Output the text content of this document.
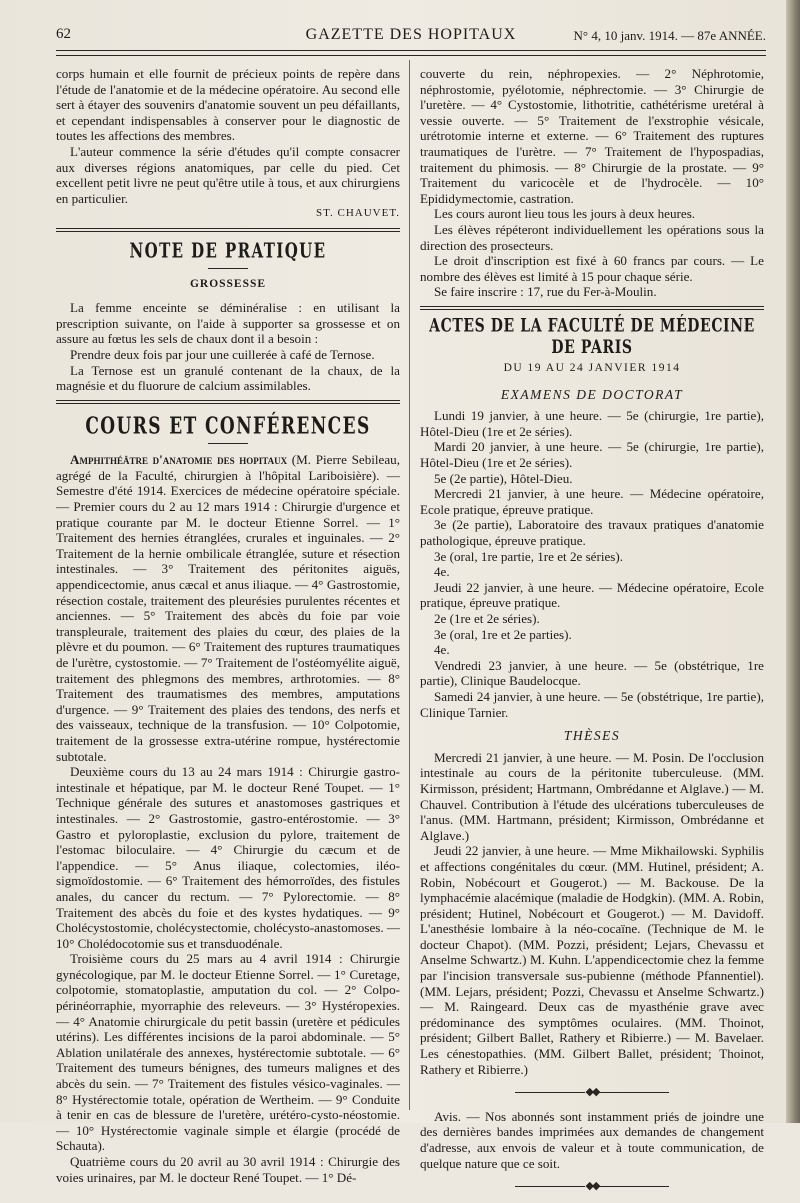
62	GAZETTE DES HOPITAUX	N° 4, 10 janv. 1914. — 87e ANNÉE.

corps humain et elle fournit de précieux points de repère dans l'étude de l'anatomie et de la médecine opératoire. Au second elle sert à étayer des souvenirs d'anatomie souvent un peu défaillants, et cependant indispensables à conserver pour le diagnostic de toutes les affections des membres.

L'auteur commence la série d'études qu'il compte consacrer aux diverses régions anatomiques, par celle du pied. Cet excellent petit livre ne peut qu'être utile à tous, et aux chirurgiens en particulier.

ST. CHAUVET.
NOTE DE PRATIQUE
GROSSESSE

La femme enceinte se déminéralise : en utilisant la prescription suivante, on l'aide à supporter sa grossesse et on assure au fœtus les sels de chaux dont il a besoin :

Prendre deux fois par jour une cuillerée à café de Ternose.

La Ternose est un granulé contenant de la chaux, de la magnésie et du fluorure de calcium assimilables.

COURS ET CONFÉRENCES

Amphithéâtre d'anatomie des hopitaux (M. Pierre Sebileau, agrégé de la Faculté, chirurgien à l'hôpital Lariboisière). — Semestre d'été 1914. Exercices de médecine opératoire spéciale. — Premier cours du 2 au 12 mars 1914 : Chirurgie d'urgence et pratique courante par M. le docteur Etienne Sorrel. — 1° Traitement des hernies étranglées, crurales et inguinales. — 2° Traitement de la hernie ombilicale étranglée, suture et résection intestinales. — 3° Traitement des péritonites aiguës, appendicectomie, anus cæcal et anus iliaque. — 4° Gastrostomie, résection costale, traitement des pleurésies purulentes récentes et anciennes. — 5° Traitement des abcès du foie par voie transpleurale, traitement des plaies du cœur, des plaies de la plèvre et du poumon. — 6° Traitement des ruptures traumatiques de l'urètre, cystostomie. — 7° Traitement de l'ostéomyélite aiguë, traitement des phlegmons des membres, arthrotomies. — 8° Traitement des traumatismes des membres, amputations d'urgence. — 9° Traitement des plaies des tendons, des nerfs et des vaisseaux, technique de la transfusion. — 10° Colpotomie, traitement de la grossesse extra-utérine rompue, hystérectomie subtotale.

Deuxième cours du 13 au 24 mars 1914 : Chirurgie gastro-intestinale et hépatique, par M. le docteur René Toupet. — 1° Technique générale des sutures et anastomoses gastriques et intestinales. — 2° Gastrostomie, gastro-entérostomie. — 3° Gastro et pyloroplastie, exclusion du pylore, traitement de l'estomac biloculaire. — 4° Chirurgie du cæcum et de l'appendice. — 5° Anus iliaque, colectomies, iléo-sigmoïdostomie. — 6° Traitement des hémorroïdes, des fistules anales, du cancer du rectum. — 7° Pylorectomie. — 8° Traitement des abcès du foie et des kystes hydatiques. — 9° Cholécystostomie, cholécystectomie, cholécysto-anastomoses. — 10° Cholédocotomie sus et transduodénale.

Troisième cours du 25 mars au 4 avril 1914 : Chirurgie gynécologique, par M. le docteur Etienne Sorrel. — 1° Curetage, colpotomie, stomatoplastie, amputation du col. — 2° Colpo-périnéorraphie, myorraphie des releveurs. — 3° Hystéropexies. — 4° Anatomie chirurgicale du petit bassin (uretère et pédicules utérins). Les différentes incisions de la paroi abdominale. — 5° Ablation unilatérale des annexes, hystérectomie subtotale. — 6° Traitement des tumeurs bénignes, des tumeurs malignes et des abcès du sein. — 7° Traitement des fistules vésico-vaginales. — 8° Hystérectomie totale, opération de Wertheim. — 9° Conduite à tenir en cas de blessure de l'uretère, urétéro-cysto-néostomie. — 10° Hystérectomie vaginale simple et élargie (procédé de Schauta).

Quatrième cours du 20 avril au 30 avril 1914 : Chirurgie des voies urinaires, par M. le docteur René Toupet. — 1° Dé-

couverte du rein, néphropexies. — 2° Néphrotomie, néphrostomie, pyélotomie, néphrectomie. — 3° Chirurgie de l'uretère. — 4° Cystostomie, lithotritie, cathétérisme uretéral à vessie ouverte. — 5° Traitement de l'exstrophie vésicale, urétrotomie interne et externe. — 6° Traitement des ruptures traumatiques de l'urètre. — 7° Traitement de l'hypospadias, traitement du phimosis. — 8° Chirurgie de la prostate. — 9° Traitement du varicocèle et de l'hydrocèle. — 10° Epididymectomie, castration.

Les cours auront lieu tous les jours à deux heures.

Les élèves répéteront individuellement les opérations sous la direction des prosecteurs.

Le droit d'inscription est fixé à 60 francs par cours. — Le nombre des élèves est limité à 15 pour chaque série.

Se faire inscrire : 17, rue du Fer-à-Moulin.

ACTES DE LA FACULTÉ DE MÉDECINE DE PARIS
DU 19 AU 24 JANVIER 1914
EXAMENS DE DOCTORAT

Lundi 19 janvier, à une heure. — 5e (chirurgie, 1re partie), Hôtel-Dieu (1re et 2e séries).

Mardi 20 janvier, à une heure. — 5e (chirurgie, 1re partie), Hôtel-Dieu (1re et 2e séries).

5e (2e partie), Hôtel-Dieu.

Mercredi 21 janvier, à une heure. — Médecine opératoire, Ecole pratique, épreuve pratique.

3e (2e partie), Laboratoire des travaux pratiques d'anatomie pathologique, épreuve pratique.

3e (oral, 1re partie, 1re et 2e séries).

4e.

Jeudi 22 janvier, à une heure. — Médecine opératoire, Ecole pratique, épreuve pratique.

2e (1re et 2e séries).

3e (oral, 1re et 2e parties).

4e.

Vendredi 23 janvier, à une heure. — 5e (obstétrique, 1re partie), Clinique Baudelocque.

Samedi 24 janvier, à une heure. — 5e (obstétrique, 1re partie), Clinique Tarnier.

THÈSES

Mercredi 21 janvier, à une heure. — M. Posin. De l'occlusion intestinale au cours de la péritonite tuberculeuse. (MM. Kirmisson, président; Hartmann, Ombrédanne et Alglave.) — M. Chauvel. Contribution à l'étude des ulcérations tuberculeuses de l'anus. (MM. Hartmann, président; Kirmisson, Ombrédanne et Alglave.)

Jeudi 22 janvier, à une heure. — Mme Mikhailowski. Syphilis et affections congénitales du cœur. (MM. Hutinel, président; A. Robin, Nobécourt et Gougerot.) — M. Backouse. De la lymphacémie alacémique (maladie de Hodgkin). (MM. A. Robin, président; Hutinel, Nobécourt et Gougerot.) — M. Davidoff. L'anesthésie lombaire à la néo-cocaïne. (Technique de M. le docteur Chapot). (MM. Pozzi, président; Lejars, Chevassu et Anselme Schwartz.) M. Kuhn. L'appendicectomie chez la femme par l'incision transversale sus-pubienne (méthode Pfannentiel). (MM. Lejars, président; Pozzi, Chevassu et Anselme Schwartz.) — M. Raingeard. Deux cas de myasthénie grave avec prédominance des symptômes oculaires. (MM. Thoinot, président; Gilbert Ballet, Rathery et Ribierre.) — M. Bavelaer. Les cénestopathies. (MM. Gilbert Ballet, président; Thoinot, Rathery et Ribierre.)

◆◆

Avis. — Nos abonnés sont instamment priés de joindre une des dernières bandes imprimées aux demandes de changement d'adresse, aux envois de valeur et à toute communication, de quelque nature que ce soit.

◆◆
